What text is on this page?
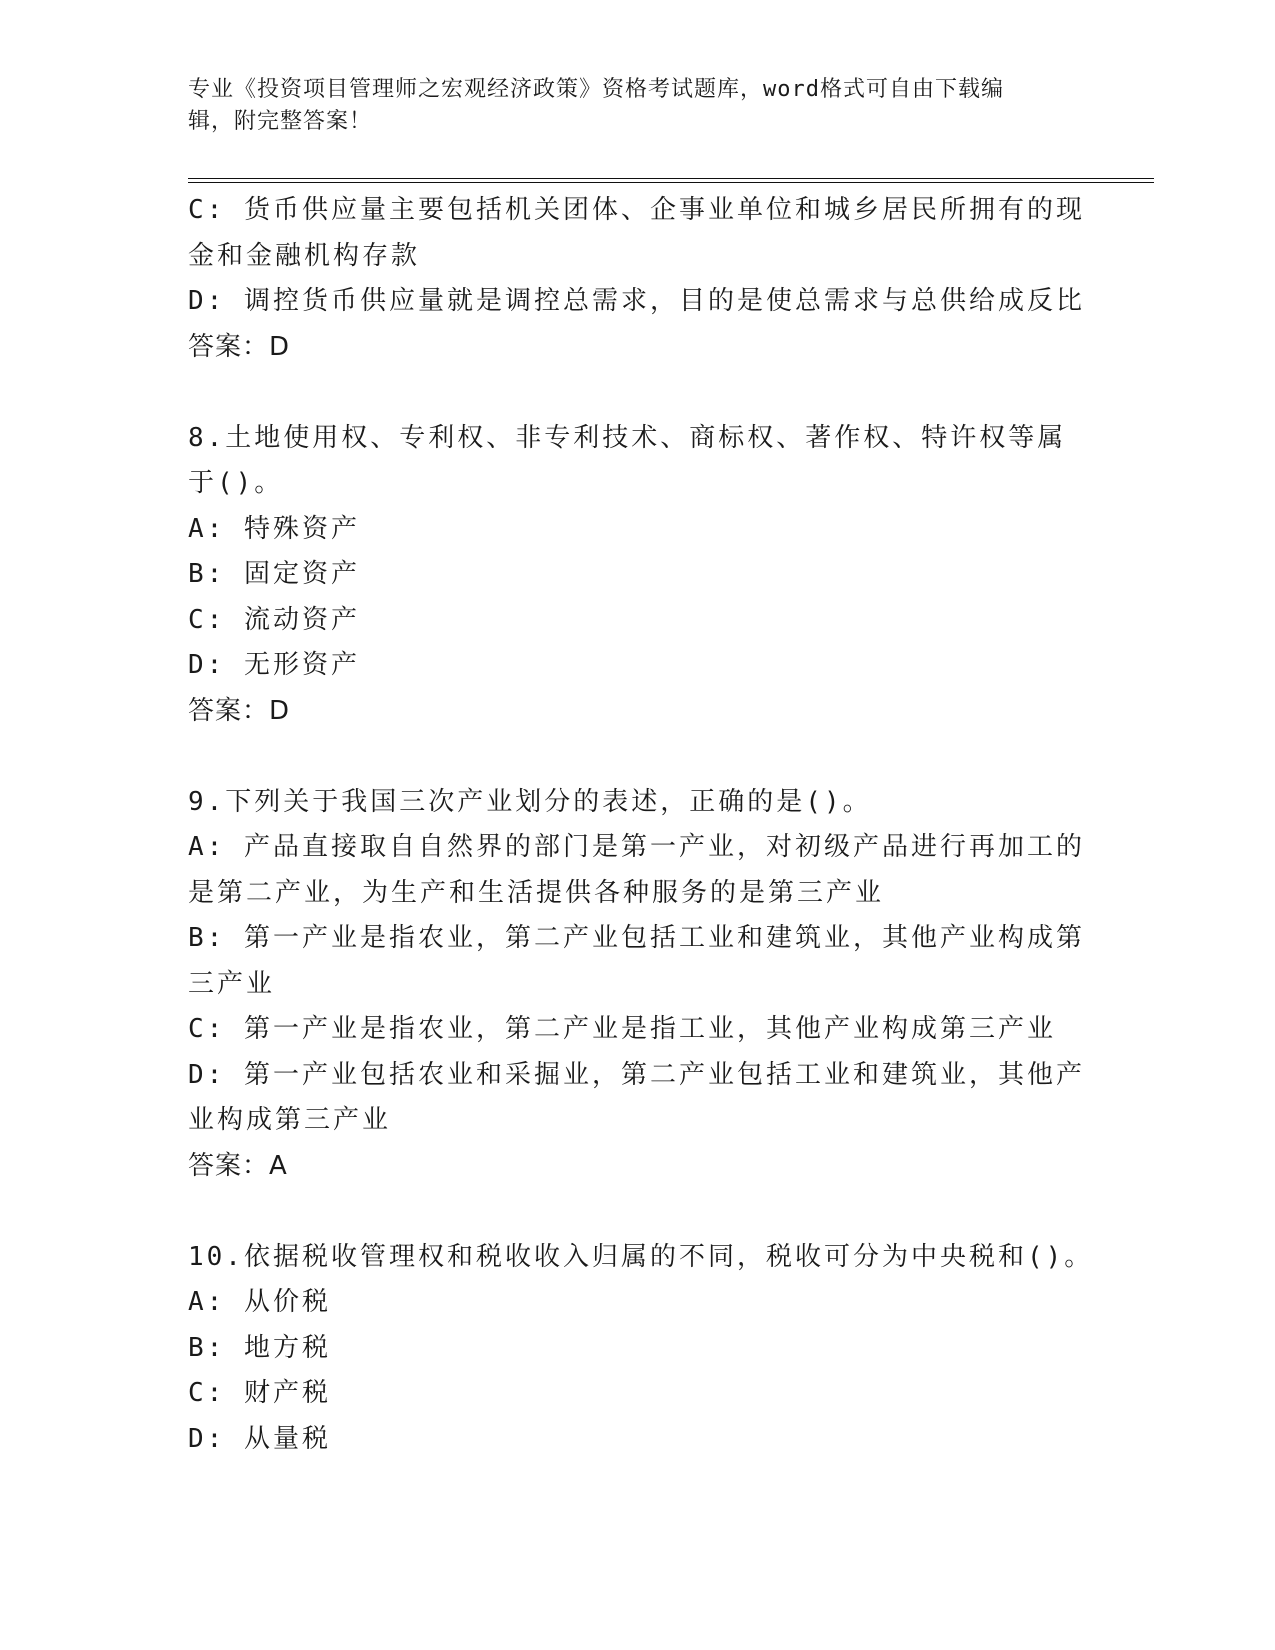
专业《投资项目管理师之宏观经济政策》资格考试题库，word格式可自由下载编
辑，附完整答案！
C: 货币供应量主要包括机关团体、企事业单位和城乡居民所拥有的现
金和金融机构存款
D: 调控货币供应量就是调控总需求，目的是使总需求与总供给成反比
答案：D
8.土地使用权、专利权、非专利技术、商标权、著作权、特许权等属
于()。
A: 特殊资产
B: 固定资产
C: 流动资产
D: 无形资产
答案：D
9.下列关于我国三次产业划分的表述，正确的是()。
A: 产品直接取自自然界的部门是第一产业，对初级产品进行再加工的
是第二产业，为生产和生活提供各种服务的是第三产业
B: 第一产业是指农业，第二产业包括工业和建筑业，其他产业构成第
三产业
C: 第一产业是指农业，第二产业是指工业，其他产业构成第三产业
D: 第一产业包括农业和采掘业，第二产业包括工业和建筑业，其他产
业构成第三产业
答案：A
10.依据税收管理权和税收收入归属的不同，税收可分为中央税和()。
A: 从价税
B: 地方税
C: 财产税
D: 从量税
